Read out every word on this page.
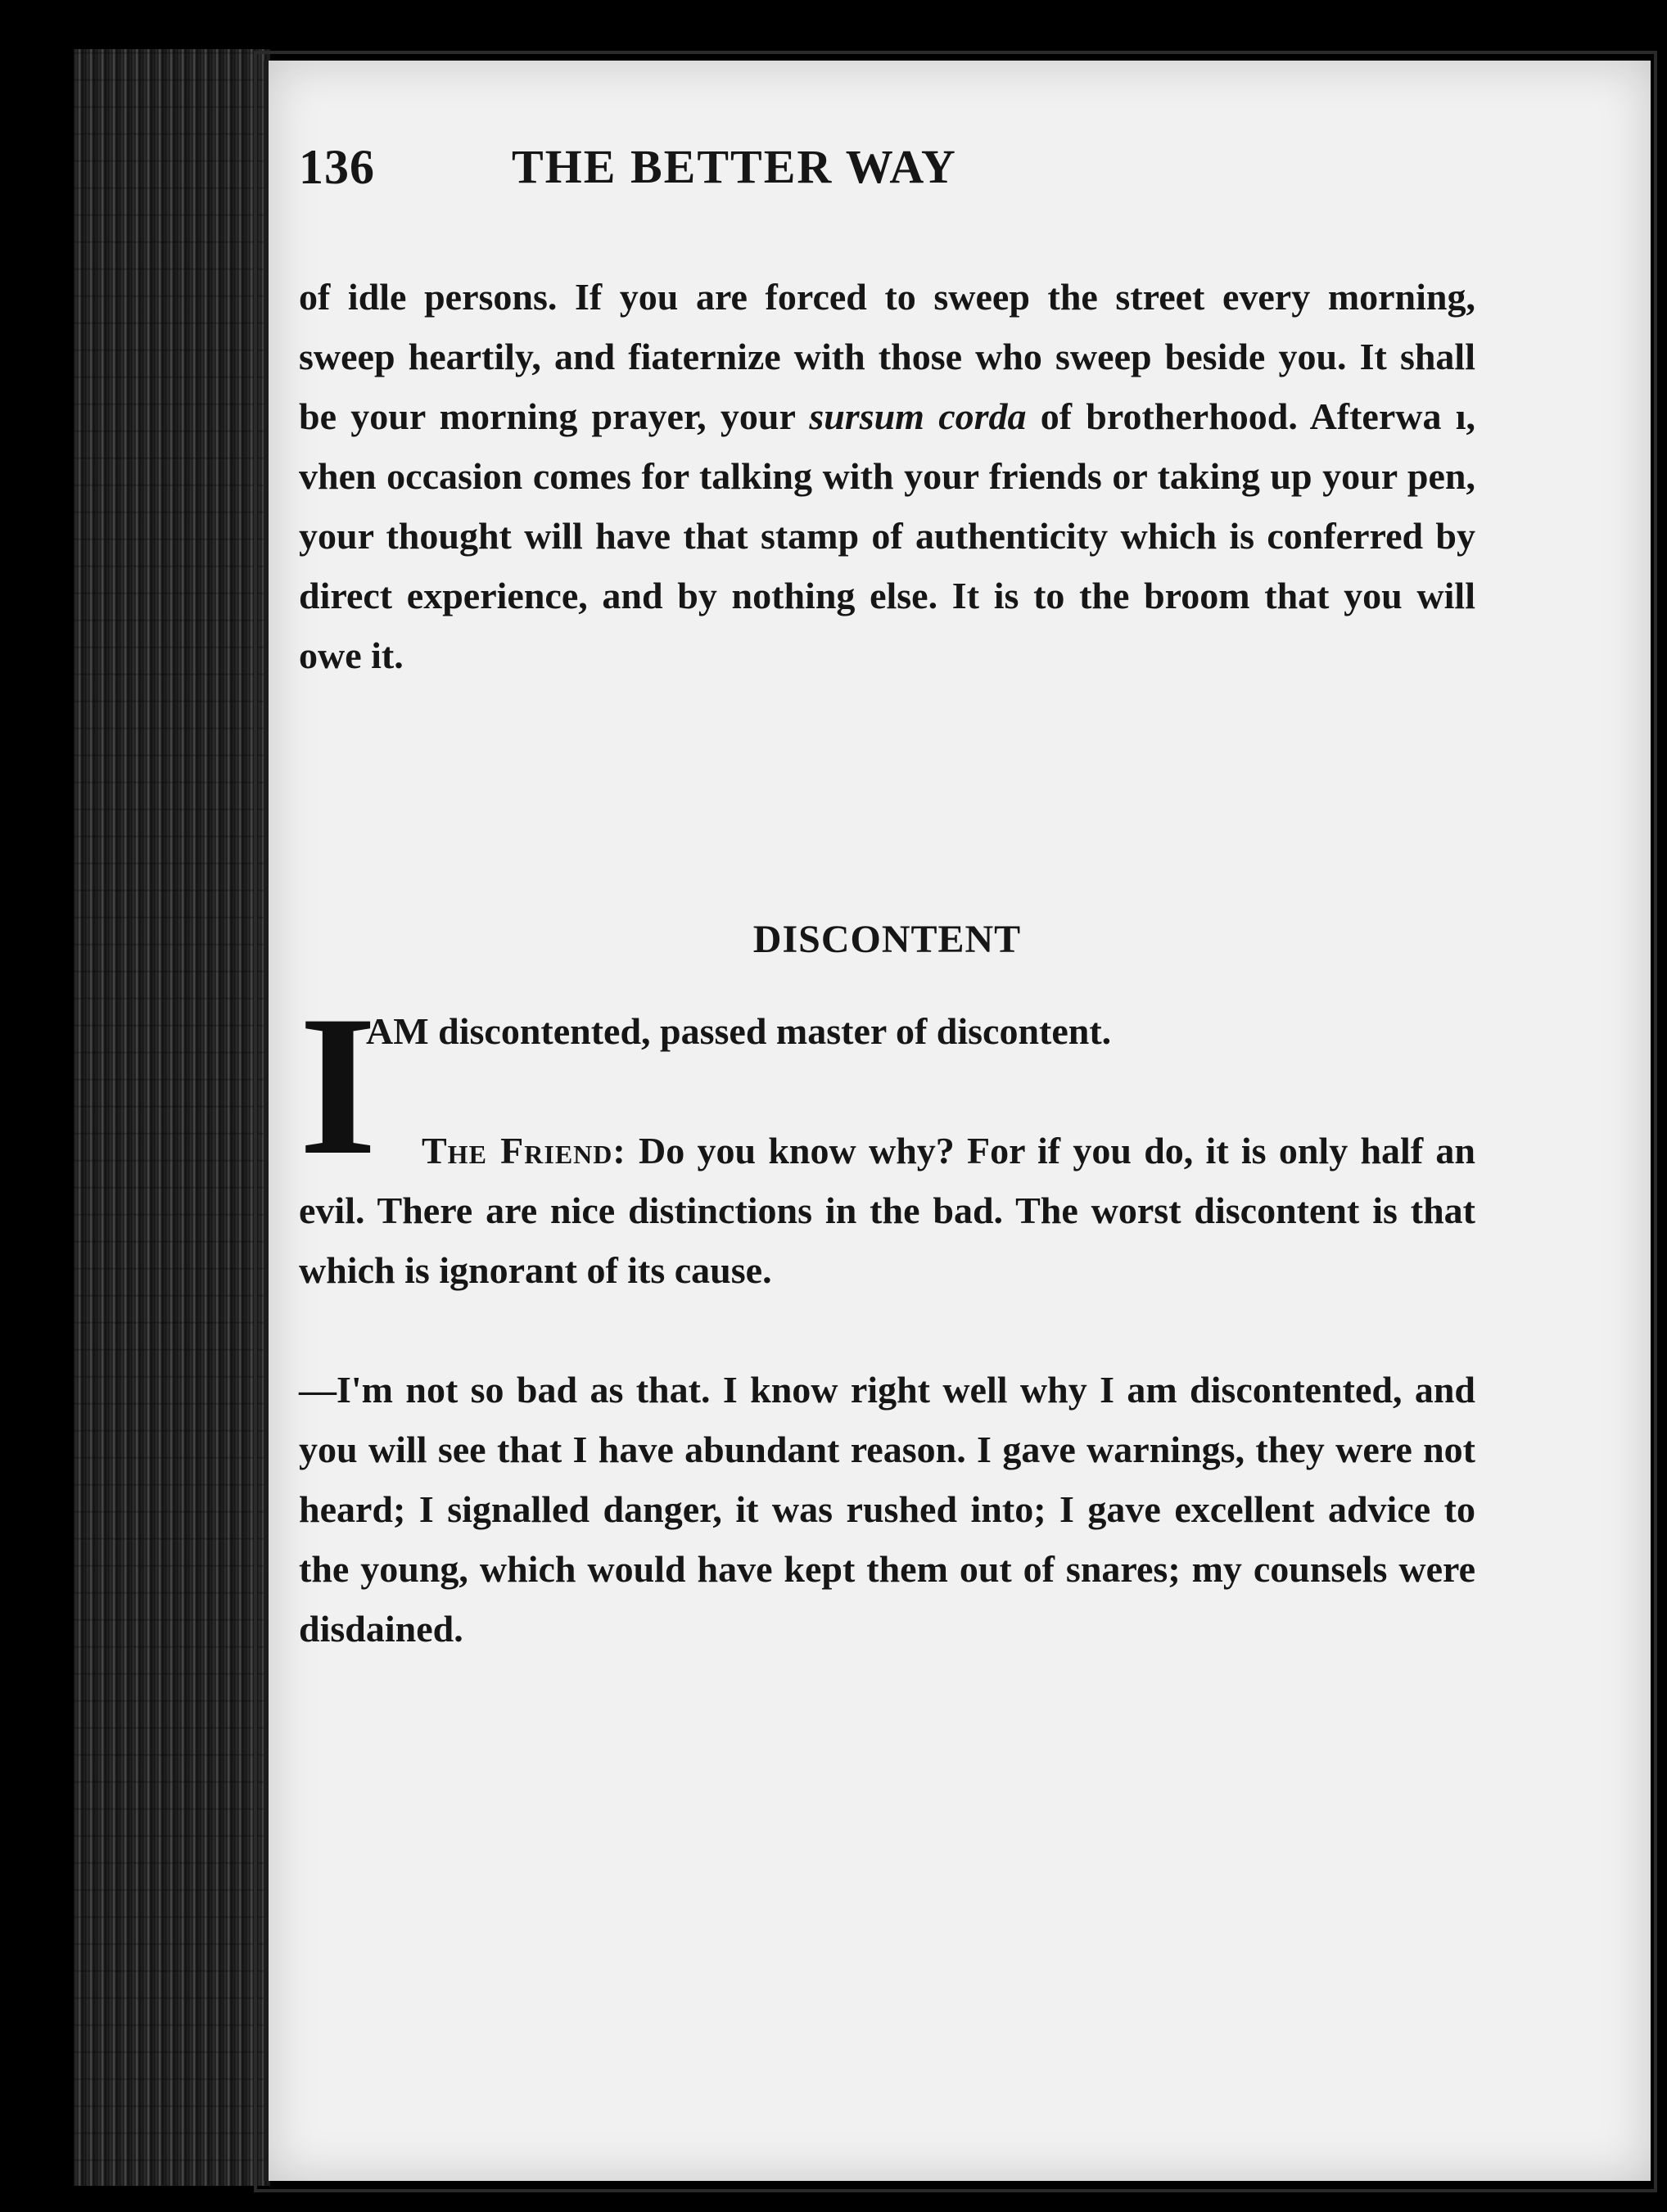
136	THE BETTER WAY
of idle persons. If you are forced to sweep the street every morning, sweep heartily, and fiaternize with those who sweep beside you. It shall be your morning prayer, your sursum corda of brotherhood. Afterwa ı, vhen occasion comes for talking with your friends or taking up your pen, your thought will have that stamp of authenticity which is conferred by direct experience, and by nothing else. It is to the broom that you will owe it.
DISCONTENT
I
AM discontented, passed master of discontent.
The Friend: Do you know why? For if you do, it is only half an evil. There are nice distinctions in the bad. The worst discontent is that which is ignorant of its cause.
—I'm not so bad as that. I know right well why I am discontented, and you will see that I have abundant reason. I gave warnings, they were not heard; I signalled danger, it was rushed into; I gave excellent advice to the young, which would have kept them out of snares; my counsels were disdained.
